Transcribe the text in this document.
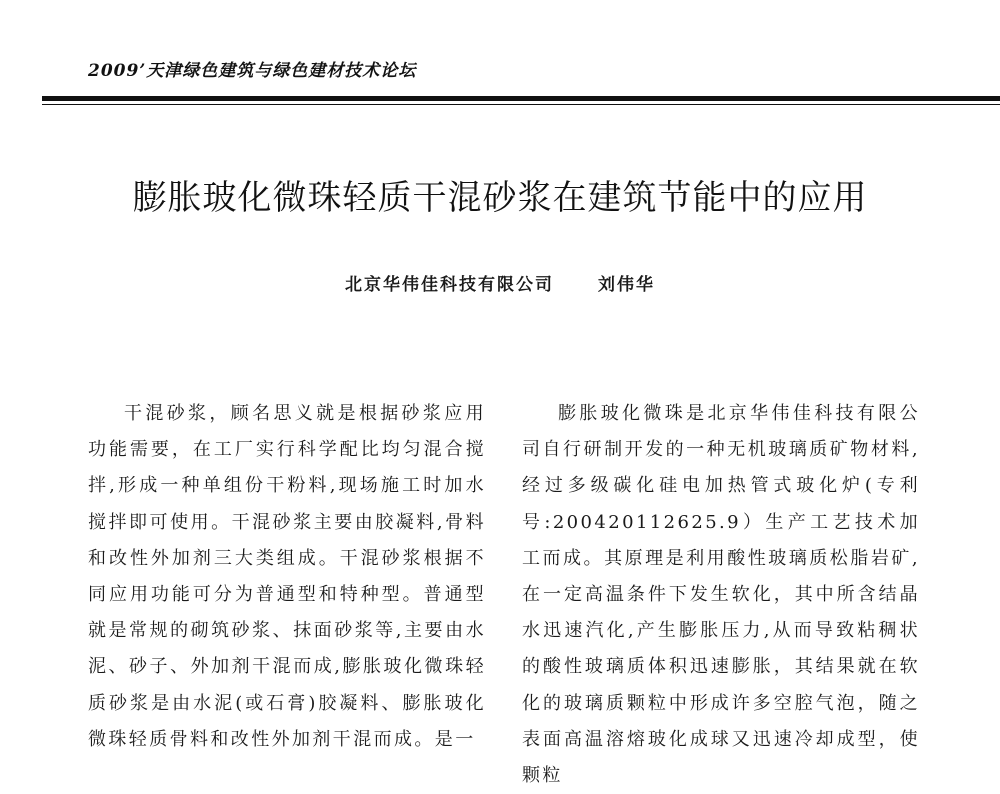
2009’天津绿色建筑与绿色建材技术论坛
膨胀玻化微珠轻质干混砂浆在建筑节能中的应用
北京华伟佳科技有限公司	刘伟华

干混砂浆，顾名思义就是根据砂浆应用功能需要，在工厂实行科学配比均匀混合搅拌,形成一种单组份干粉料,现场施工时加水搅拌即可使用。干混砂浆主要由胶凝料,骨料和改性外加剂三大类组成。干混砂浆根据不同应用功能可分为普通型和特种型。普通型就是常规的砌筑砂浆、抹面砂浆等,主要由水泥、砂子、外加剂干混而成,膨胀玻化微珠轻质砂浆是由水泥(或石膏)胶凝料、膨胀玻化微珠轻质骨料和改性外加剂干混而成。是一

膨胀玻化微珠是北京华伟佳科技有限公司自行研制开发的一种无机玻璃质矿物材料,经过多级碳化硅电加热管式玻化炉(专利号:200420112625.9）生产工艺技术加工而成。其原理是利用酸性玻璃质松脂岩矿,在一定高温条件下发生软化，其中所含结晶水迅速汽化,产生膨胀压力,从而导致粘稠状的酸性玻璃质体积迅速膨胀，其结果就在软化的玻璃质颗粒中形成许多空腔气泡，随之表面高温溶熔玻化成球又迅速冷却成型，使颗粒
